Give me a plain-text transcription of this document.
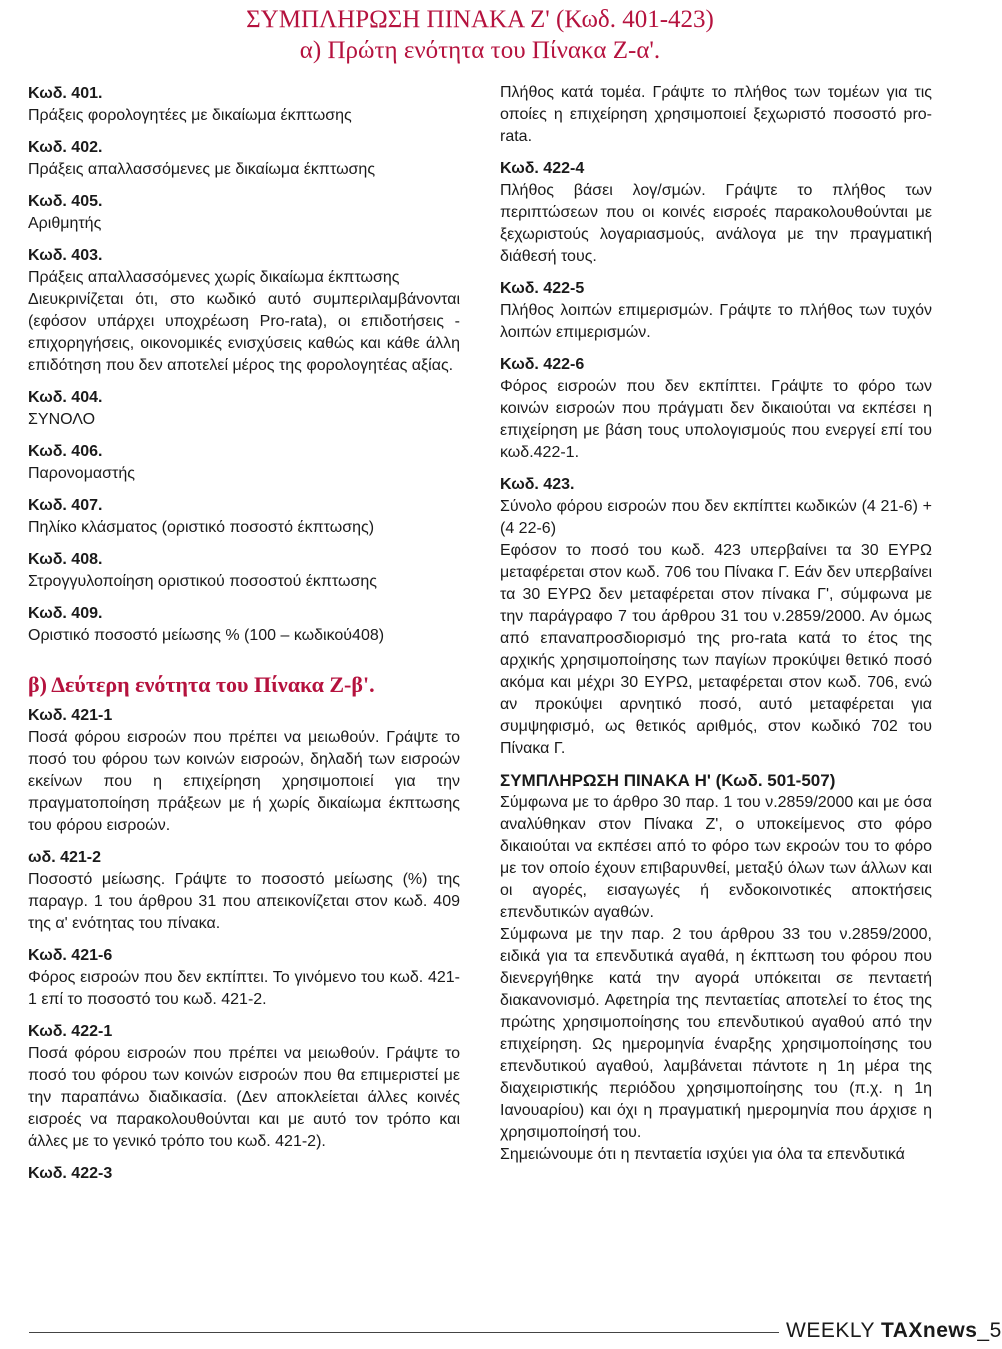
ΣΥΜΠΛΗΡΩΣΗ ΠΙΝΑΚΑ Ζ' (Κωδ. 401-423)
α) Πρώτη ενότητα του Πίνακα Ζ-α'.
Κωδ. 401.

Πράξεις φορολογητέες με δικαίωμα έκπτωσης

Κωδ. 402.

Πράξεις απαλλασσόμενες με δικαίωμα έκπτωσης

Κωδ. 405.

Αριθμητής

Κωδ. 403.

Πράξεις απαλλασσόμενες χωρίς δικαίωμα έκπτωσης

Διευκρινίζεται ότι, στο κωδικό αυτό συμπεριλαμβάνονται (εφόσον υπάρχει υποχρέωση Pro-rata), οι επιδοτήσεις - επιχορηγήσεις, οικονομικές ενισχύσεις καθώς και κάθε άλλη επιδότηση που δεν αποτελεί μέρος της φορολογητέας αξίας.

Κωδ. 404.

ΣΥΝΟΛΟ

Κωδ. 406.

Παρονομαστής

Κωδ. 407.

Πηλίκο κλάσματος (οριστικό ποσοστό έκπτωσης)

Κωδ. 408.

Στρογγυλοποίηση οριστικού ποσοστού έκπτωσης

Κωδ. 409.

Οριστικό ποσοστό μείωσης % (100 – κωδικού408)

β) Δεύτερη ενότητα του Πίνακα Ζ-β'.
Κωδ. 421-1

Ποσά φόρου εισροών που πρέπει να μειωθούν. Γράψτε το ποσό του φόρου των κοινών εισροών, δηλαδή των εισροών εκείνων που η επιχείρηση χρησιμοποιεί για την πραγματοποίηση πράξεων με ή χωρίς δικαίωμα έκπτωσης του φόρου εισροών.

ωδ. 421-2

Ποσοστό μείωσης. Γράψτε το ποσοστό μείωσης (%) της παραγρ. 1 του άρθρου 31 που απεικονίζεται στον κωδ. 409 της α' ενότητας του πίνακα.

Κωδ. 421-6

Φόρος εισροών που δεν εκπίπτει. Το γινόμενο του κωδ. 421-1 επί το ποσοστό του κωδ. 421-2.

Κωδ. 422-1

Ποσά φόρου εισροών που πρέπει να μειωθούν. Γράψτε το ποσό του φόρου των κοινών εισροών που θα επιμεριστεί με την παραπάνω διαδικασία. (Δεν αποκλείεται άλλες κοινές εισροές να παρακολουθούνται και με αυτό τον τρόπο και άλλες με το γενικό τρόπο του κωδ. 421-2).

Κωδ. 422-3

Πλήθος κατά τομέα. Γράψτε το πλήθος των τομέων για τις οποίες η επιχείρηση χρησιμοποιεί ξεχωριστό ποσοστό pro-rata.

Κωδ. 422-4

Πλήθος βάσει λογ/σμών. Γράψτε το πλήθος των περιπτώσεων που οι κοινές εισροές παρακολουθούνται με ξεχωριστούς λογαριασμούς, ανάλογα με την πραγματική διάθεσή τους.

Κωδ. 422-5

Πλήθος λοιπών επιμερισμών. Γράψτε το πλήθος των τυχόν λοιπών επιμερισμών.

Κωδ. 422-6

Φόρος εισροών που δεν εκπίπτει. Γράψτε το φόρο των κοινών εισροών που πράγματι δεν δικαιούται να εκπέσει η επιχείρηση με βάση τους υπολογισμούς που ενεργεί επί του κωδ.422-1.

Κωδ. 423.

Σύνολο φόρου εισροών που δεν εκπίπτει κωδικών (4 21-6) + (4 22-6)

Εφόσον το ποσό του κωδ. 423 υπερβαίνει τα 30 ΕΥΡΩ μεταφέρεται στον κωδ. 706 του Πίνακα Γ. Εάν δεν υπερβαίνει τα 30 ΕΥΡΩ δεν μεταφέρεται στον πίνακα Γ', σύμφωνα με την παράγραφο 7 του άρθρου 31 του ν.2859/2000. Αν όμως από επαναπροσδιορισμό της pro-rata κατά το έτος της αρχικής χρησιμοποίησης των παγίων προκύψει θετικό ποσό ακόμα και μέχρι 30 ΕΥΡΩ, μεταφέρεται στον κωδ. 706, ενώ αν προκύψει αρνητικό ποσό, αυτό μεταφέρεται για συμψηφισμό, ως θετικός αριθμός, στον κωδικό 702 του Πίνακα Γ.

ΣΥΜΠΛΗΡΩΣΗ ΠΙΝΑΚΑ Η' (Κωδ. 501-507)

Σύμφωνα με το άρθρο 30 παρ. 1 του ν.2859/2000 και με όσα αναλύθηκαν στον Πίνακα Ζ', ο υποκείμενος στο φόρο δικαιούται να εκπέσει από το φόρο των εκροών του το φόρο με τον οποίο έχουν επιβαρυνθεί, μεταξύ όλων των άλλων και οι αγορές, εισαγωγές ή ενδοκοινοτικές αποκτήσεις επενδυτικών αγαθών.

Σύμφωνα με την παρ. 2 του άρθρου 33 του ν.2859/2000, ειδικά για τα επενδυτικά αγαθά, η έκπτωση του φόρου που διενεργήθηκε κατά την αγορά υπόκειται σε πενταετή διακανονισμό. Αφετηρία της πενταετίας αποτελεί το έτος της πρώτης χρησιμοποίησης του επενδυτικού αγαθού από την επιχείρηση. Ως ημερομηνία έναρξης χρησιμοποίησης του επενδυτικού αγαθού, λαμβάνεται πάντοτε η 1η μέρα της διαχειριστικής περιόδου χρησιμοποίησης του (π.χ. η 1η Ιανουαρίου) και όχι η πραγματική ημερομηνία που άρχισε η χρησιμοποίησή του.

Σημειώνουμε ότι η πενταετία ισχύει για όλα τα επενδυτικά

WEEKLY TAXnews_5
